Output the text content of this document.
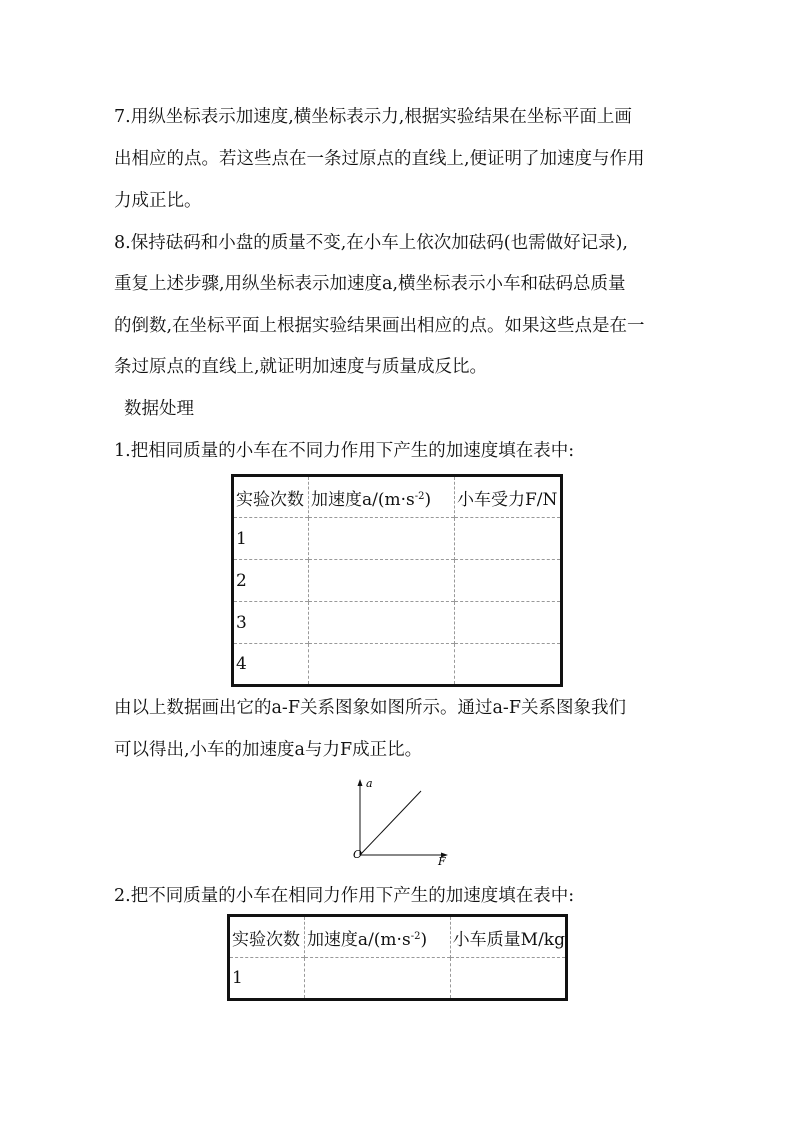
7.用纵坐标表示加速度,横坐标表示力,根据实验结果在坐标平面上画
出相应的点。若这些点在一条过原点的直线上,便证明了加速度与作用
力成正比。
8.保持砝码和小盘的质量不变,在小车上依次加砝码(也需做好记录),
重复上述步骤,用纵坐标表示加速度a,横坐标表示小车和砝码总质量
的倒数,在坐标平面上根据实验结果画出相应的点。如果这些点是在一
条过原点的直线上,就证明加速度与质量成反比。
数据处理
1.把相同质量的小车在不同力作用下产生的加速度填在表中:
实验次数	加速度$a/(m\cdot s^{-2})$	小车受力F/N
1		
2		
3		
4		
由以上数据画出它的a-F关系图象如图所示。通过a-F关系图象我们
可以得出,小车的加速度a与力F成正比。
a
F
O
2.把不同质量的小车在相同力作用下产生的加速度填在表中:
实验次数	加速度$a/(m\cdot s^{-2})$	小车质量M/kg
1		
